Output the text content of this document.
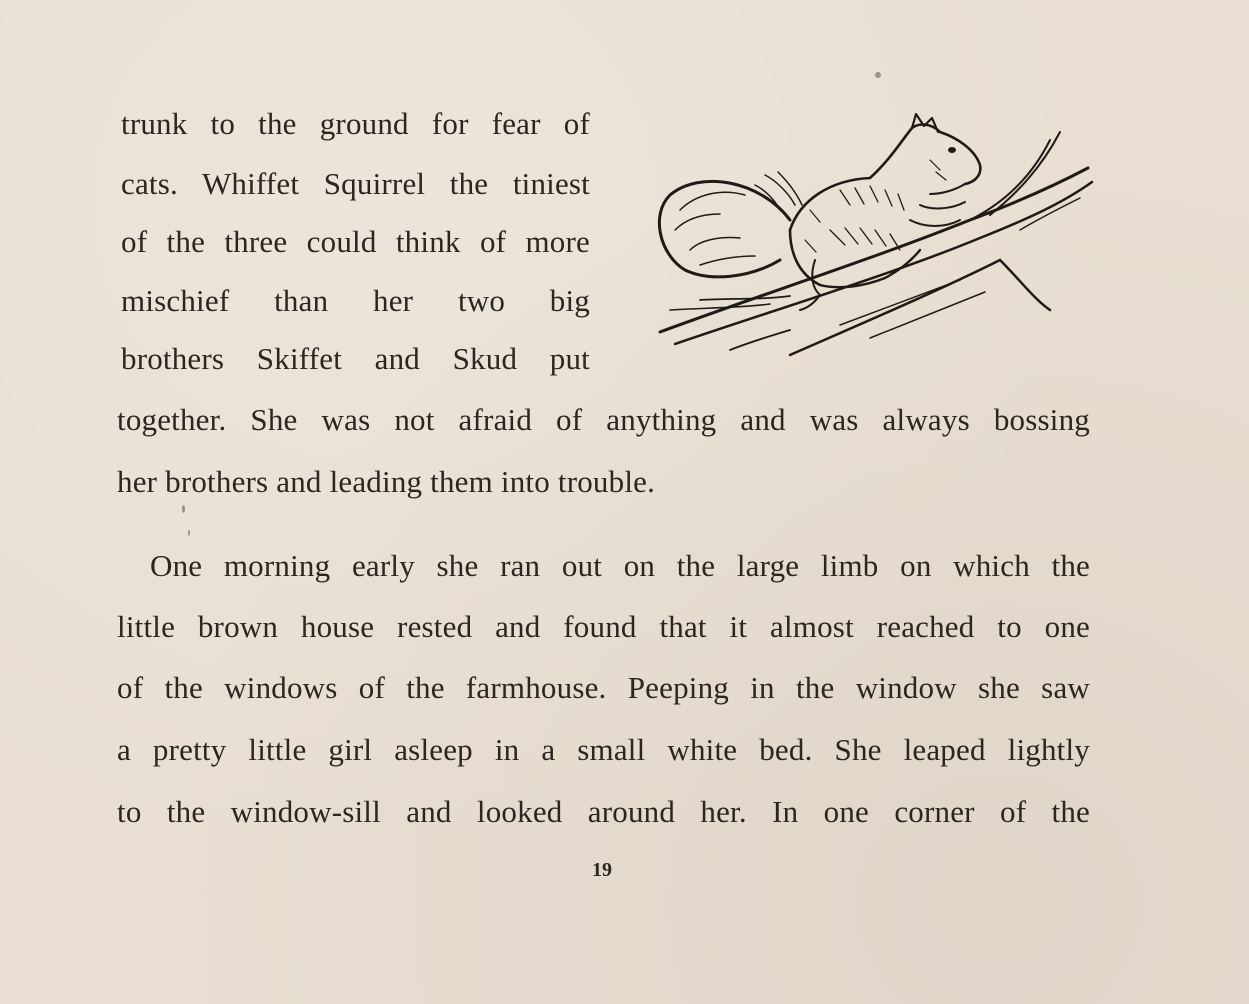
trunk to the ground for fear of
cats. Whiffet Squirrel the tiniest
of the three could think of more
mischief than her two big
brothers Skiffet and Skud put
together. She was not afraid of anything and was always bossing
her brothers and leading them into trouble.
One morning early she ran out on the large limb on which the
little brown house rested and found that it almost reached to one
of the windows of the farmhouse. Peeping in the window she saw
a pretty little girl asleep in a small white bed. She leaped lightly
to the window-sill and looked around her. In one corner of the
19
